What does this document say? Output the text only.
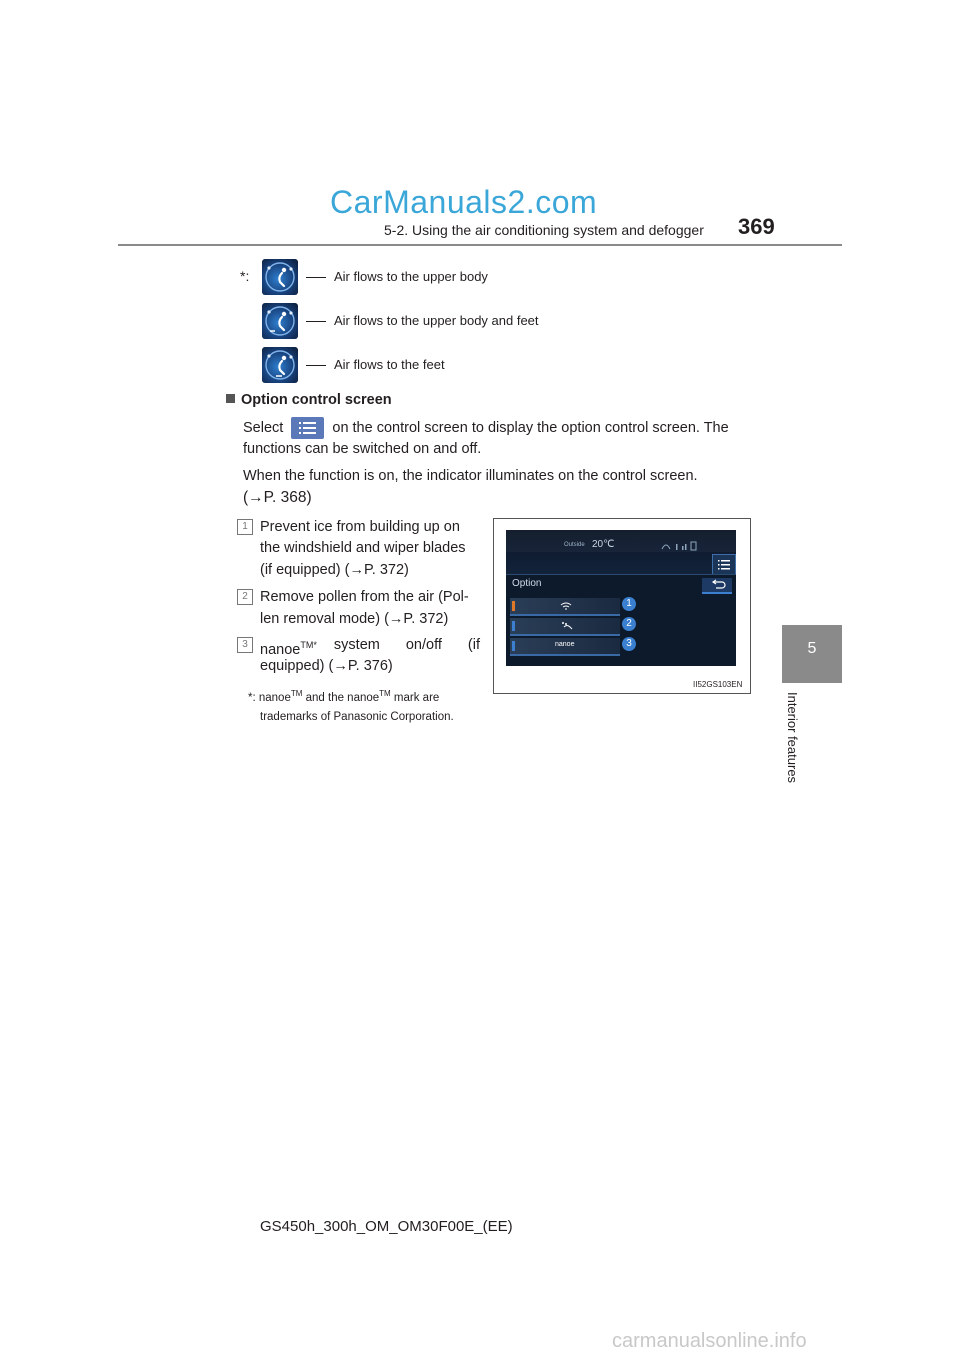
CarManuals2.com
5-2. Using the air conditioning system and defogger 369
5
Interior features
*:	Air flows to the upper body
Air flows to the upper body and feet
Air flows to the feet
Option control screen
Select	on the control screen to display the option control screen. The
functions can be switched on and off.
When the function is on, the indicator illuminates on the control screen.
(→P. 368)
1 Prevent ice from building up on
the windshield and wiper blades
(if equipped) (→P. 372)
2 Remove pollen from the air (Pol-
len removal mode) (→P. 372)
3 nanoe$^{TM*}$ system on/off (if
equipped) (→P. 376)
*: nanoe™ and the nanoe™ mark are
trademarks of Panasonic Corporation.
Outside 20℃
Option
nanoe
1
2
3
II52GS103EN
GS450h_300h_OM_OM30F00E_(EE)
carmanualsonline.info
